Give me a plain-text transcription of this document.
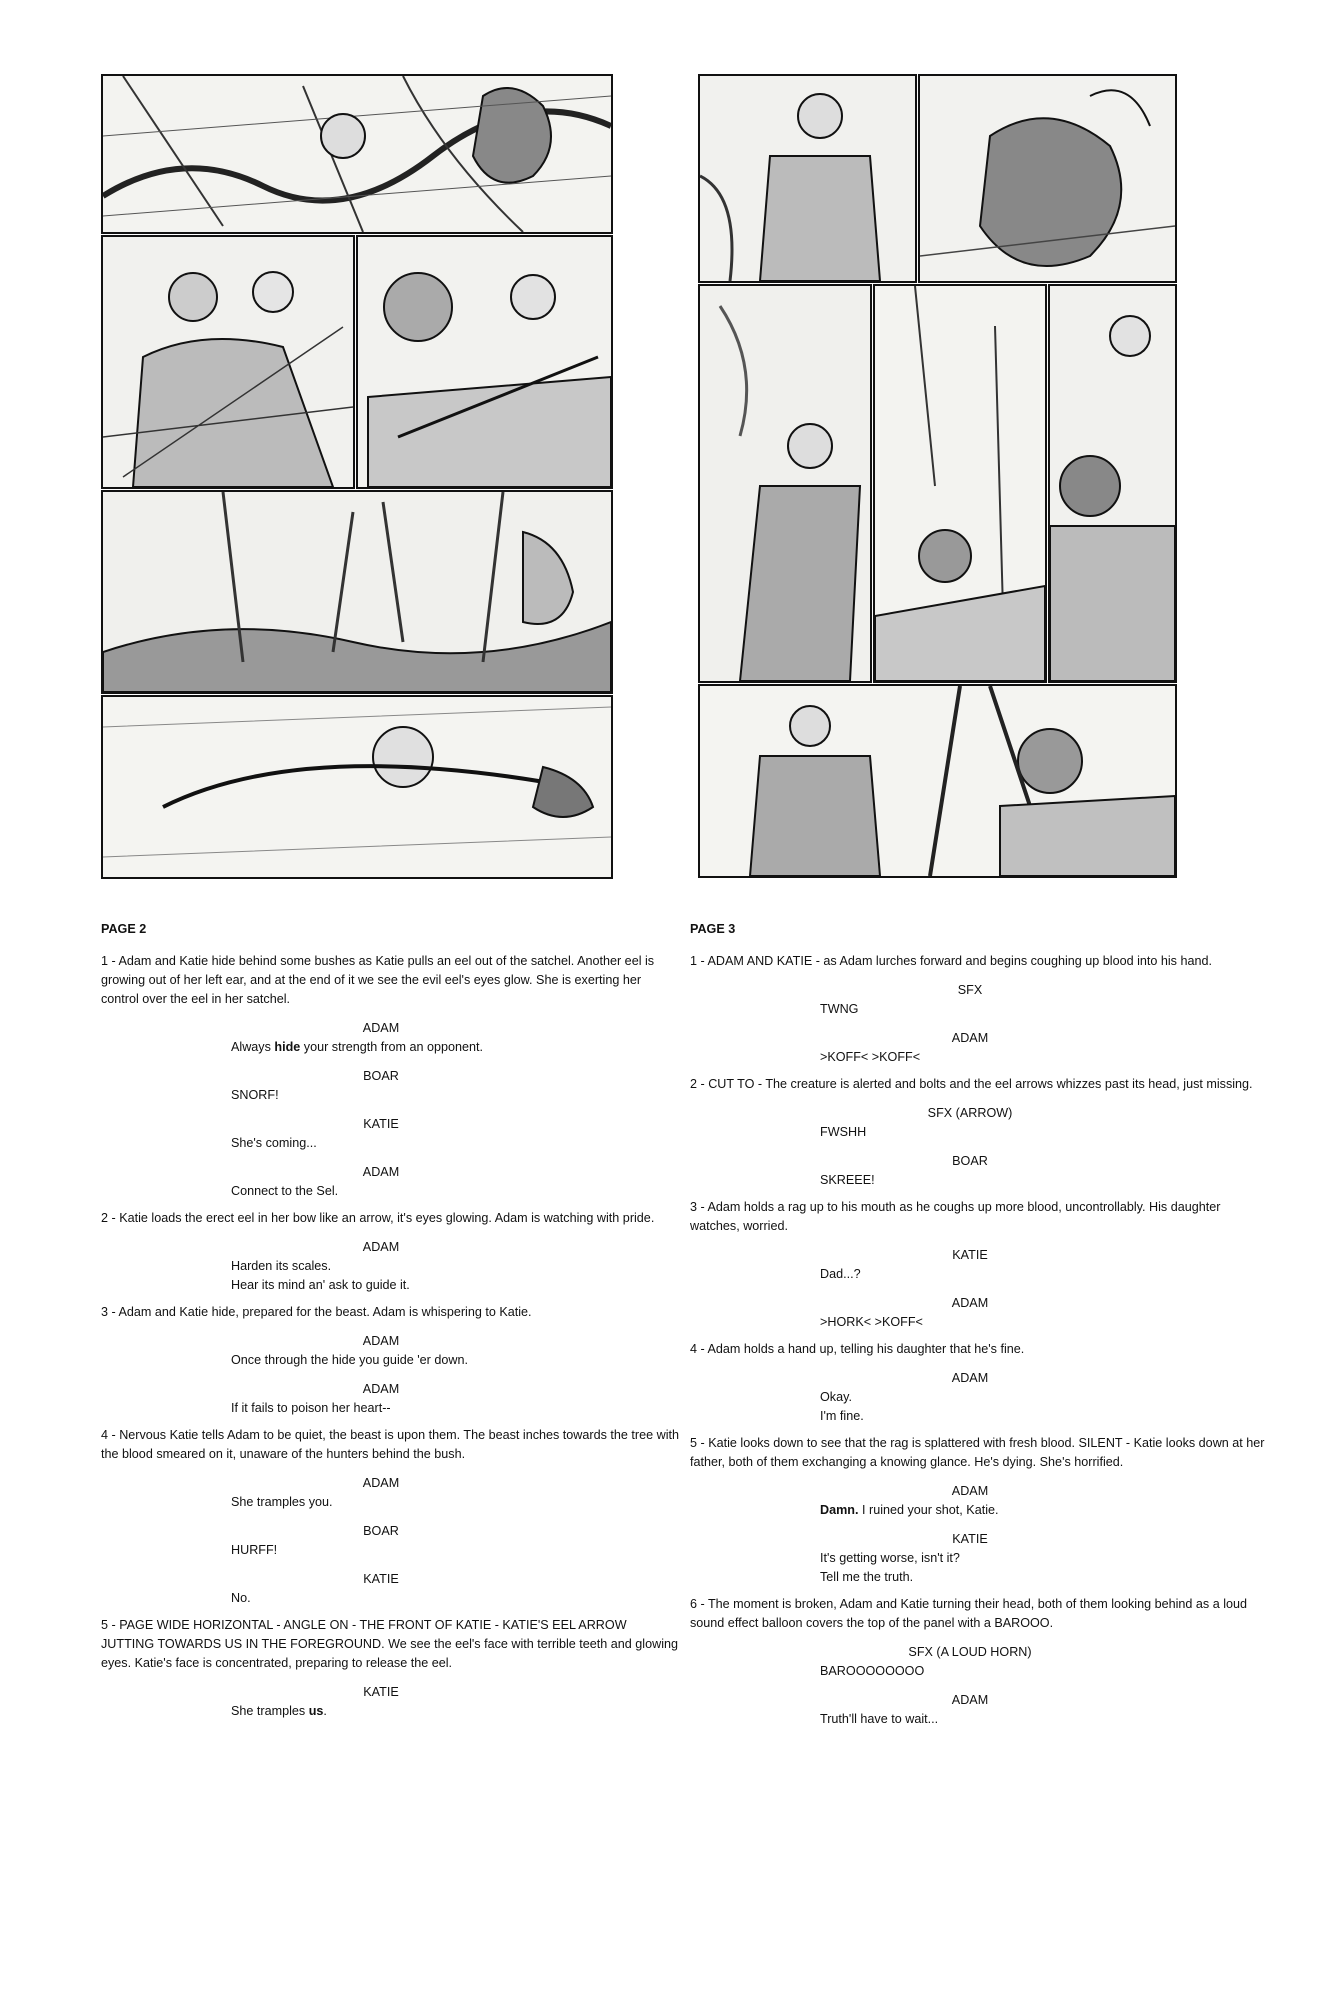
PAGE 2
1 - Adam and Katie hide behind some bushes as Katie pulls an eel out of the satchel. Another eel is growing out of her left ear, and at the end of it we see the evil eel's eyes glow. She is exerting her control over the eel in her satchel.
ADAM
Always hide your strength from an opponent.
BOAR
SNORF!
KATIE
She's coming...
ADAM
Connect to the Sel.
2 - Katie loads the erect eel in her bow like an arrow, it's eyes glowing. Adam is watching with pride.
ADAM
Harden its scales.
Hear its mind an' ask to guide it.
3 - Adam and Katie hide, prepared for the beast. Adam is whispering to Katie.
ADAM
Once through the hide you guide 'er down.
ADAM
If it fails to poison her heart--
4 - Nervous Katie tells Adam to be quiet, the beast is upon them. The beast inches towards the tree with the blood smeared on it, unaware of the hunters behind the bush.
ADAM
She tramples you.
BOAR
HURFF!
KATIE
No.
5 - PAGE WIDE HORIZONTAL - ANGLE ON - THE FRONT OF KATIE - KATIE'S EEL ARROW JUTTING TOWARDS US IN THE FOREGROUND. We see the eel's face with terrible teeth and glowing eyes. Katie's face is concentrated, preparing to release the eel.
KATIE
She tramples us.
PAGE 3
1 - ADAM AND KATIE - as Adam lurches forward and begins coughing up blood into his hand.
SFX
TWNG
ADAM
>KOFF< >KOFF<
2 - CUT TO - The creature is alerted and bolts and the eel arrows whizzes past its head, just missing.
SFX (ARROW)
FWSHH
BOAR
SKREEE!
3 - Adam holds a rag up to his mouth as he coughs up more blood, uncontrollably. His daughter watches, worried.
KATIE
Dad...?
ADAM
>HORK< >KOFF<
4 - Adam holds a hand up, telling his daughter that he's fine.
ADAM
Okay.
I'm fine.
5 - Katie looks down to see that the rag is splattered with fresh blood. SILENT - Katie looks down at her father, both of them exchanging a knowing glance. He's dying. She's horrified.
ADAM
Damn. I ruined your shot, Katie.
KATIE
It's getting worse, isn't it?
Tell me the truth.
6 - The moment is broken, Adam and Katie turning their head, both of them looking behind as a loud sound effect balloon covers the top of the panel with a BAROOO.
SFX (A LOUD HORN)
BAROOOOOOOO
ADAM
Truth'll have to wait...
